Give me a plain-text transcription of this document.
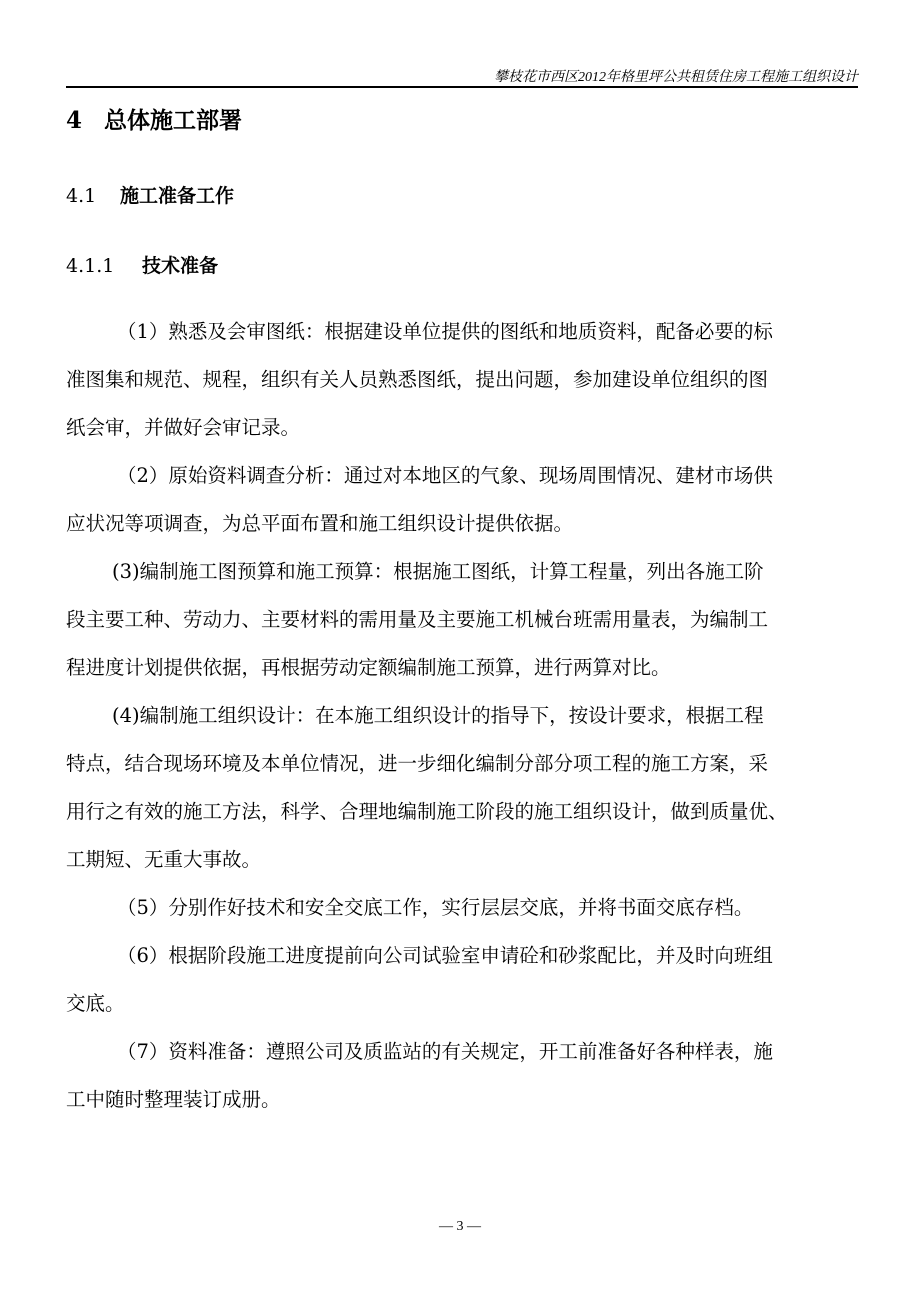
攀枝花市西区2012年格里坪公共租赁住房工程施工组织设计
4 总体施工部署
4.1 施工准备工作
4.1.1 技术准备
（1）熟悉及会审图纸：根据建设单位提供的图纸和地质资料，配备必要的标
准图集和规范、规程，组织有关人员熟悉图纸，提出问题，参加建设单位组织的图
纸会审，并做好会审记录。
（2）原始资料调查分析：通过对本地区的气象、现场周围情况、建材市场供
应状况等项调查，为总平面布置和施工组织设计提供依据。
(3)编制施工图预算和施工预算：根据施工图纸，计算工程量，列出各施工阶
段主要工种、劳动力、主要材料的需用量及主要施工机械台班需用量表，为编制工
程进度计划提供依据，再根据劳动定额编制施工预算，进行两算对比。
(4)编制施工组织设计：在本施工组织设计的指导下，按设计要求，根据工程
特点，结合现场环境及本单位情况，进一步细化编制分部分项工程的施工方案，采
用行之有效的施工方法，科学、合理地编制施工阶段的施工组织设计，做到质量优、
工期短、无重大事故。
（5）分别作好技术和安全交底工作，实行层层交底，并将书面交底存档。
（6）根据阶段施工进度提前向公司试验室申请砼和砂浆配比，并及时向班组
交底。
（7）资料准备：遵照公司及质监站的有关规定，开工前准备好各种样表，施
工中随时整理装订成册。
— 3 —
